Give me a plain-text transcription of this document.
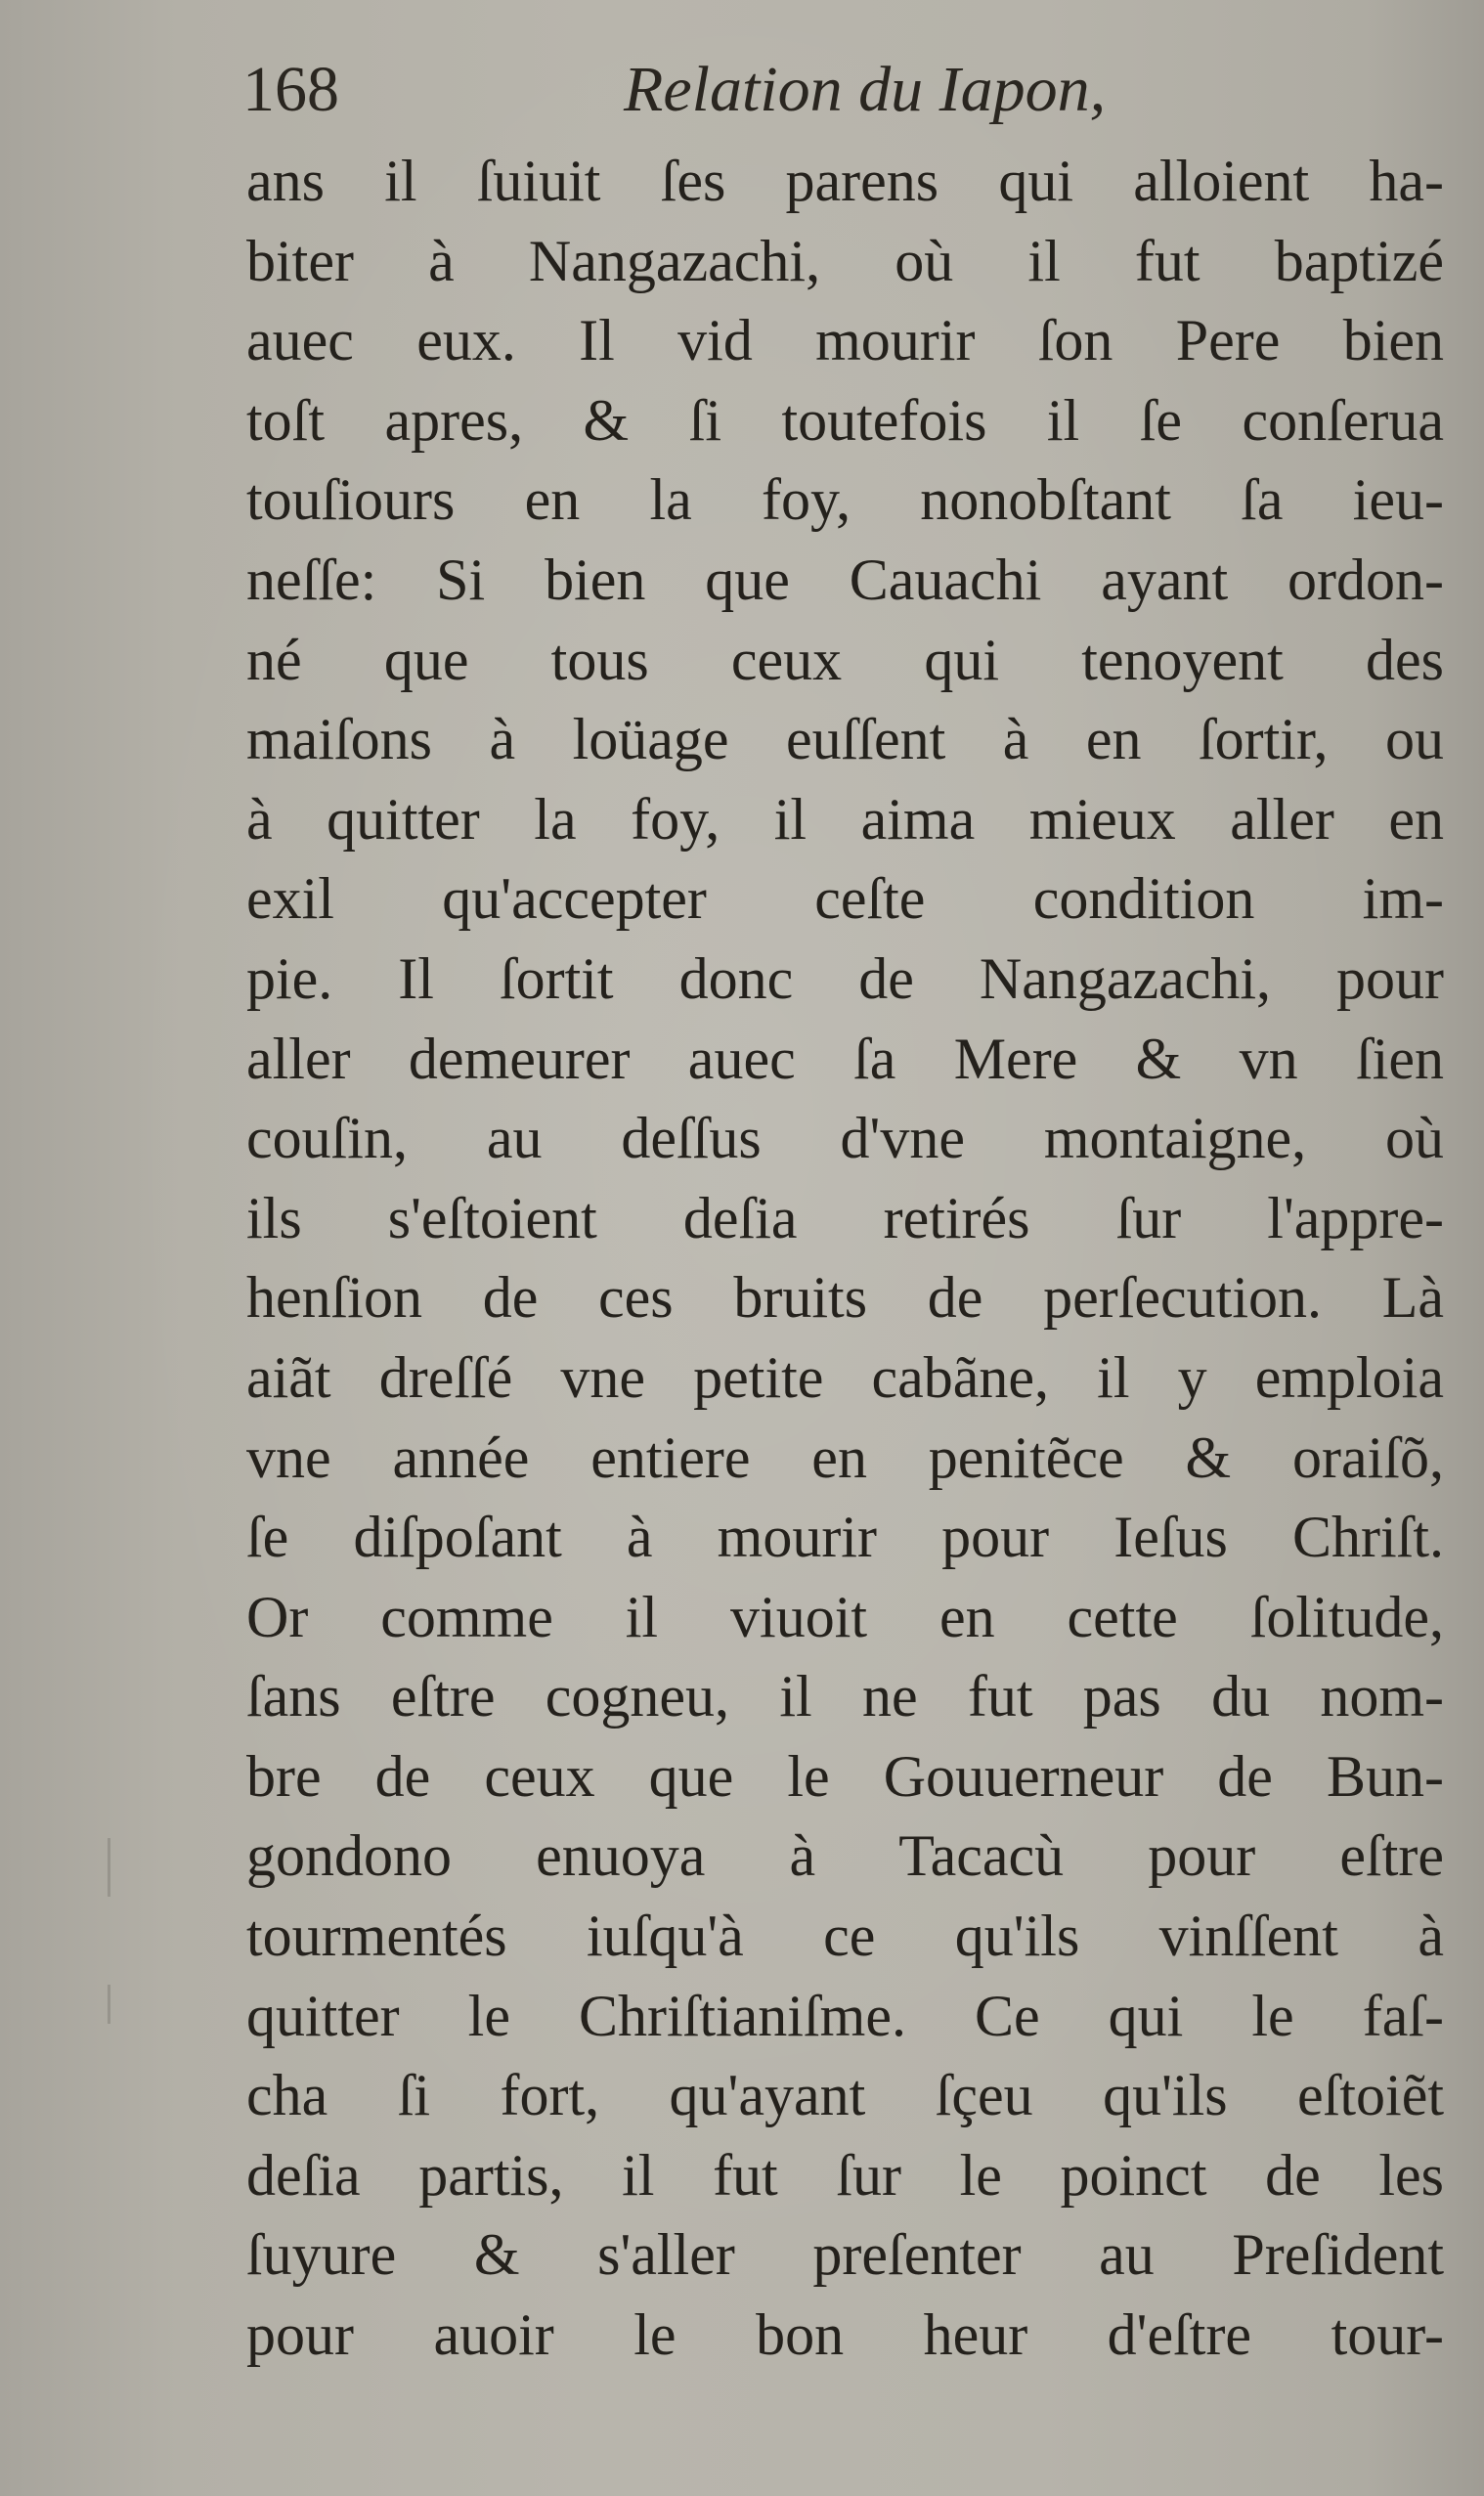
168	Relation du Iapon,
ans il ſuiuit ſes parens qui alloient ha-
biter à Nangazachi, où il fut baptizé
auec eux. Il vid mourir ſon Pere bien
toſt apres, & ſi toutefois il ſe conſerua
touſiours en la foy, nonobſtant ſa ieu-
neſſe: Si bien que Cauachi ayant ordon-
né que tous ceux qui tenoyent des
maiſons à loüage euſſent à en ſortir, ou
à quitter la foy, il aima mieux aller en
exil qu'accepter ceſte condition im-
pie. Il ſortit donc de Nangazachi, pour
aller demeurer auec ſa Mere & vn ſien
couſin, au deſſus d'vne montaigne, où
ils s'eſtoient deſia retirés ſur l'appre-
henſion de ces bruits de perſecution. Là
aiãt dreſſé vne petite cabãne, il y emploia
vne année entiere en penitẽce & oraiſõ,
ſe diſpoſant à mourir pour Ieſus Chriſt.
Or comme il viuoit en cette ſolitude,
ſans eſtre cogneu, il ne fut pas du nom-
bre de ceux que le Gouuerneur de Bun-
gondono enuoya à Tacacù pour eſtre
tourmentés iuſqu'à ce qu'ils vinſſent à
quitter le Chriſtianiſme. Ce qui le faſ-
cha ſi fort, qu'ayant ſçeu qu'ils eſtoiẽt
deſia partis, il fut ſur le poinct de les
ſuyure & s'aller preſenter au Preſident
pour auoir le bon heur d'eſtre tour-
